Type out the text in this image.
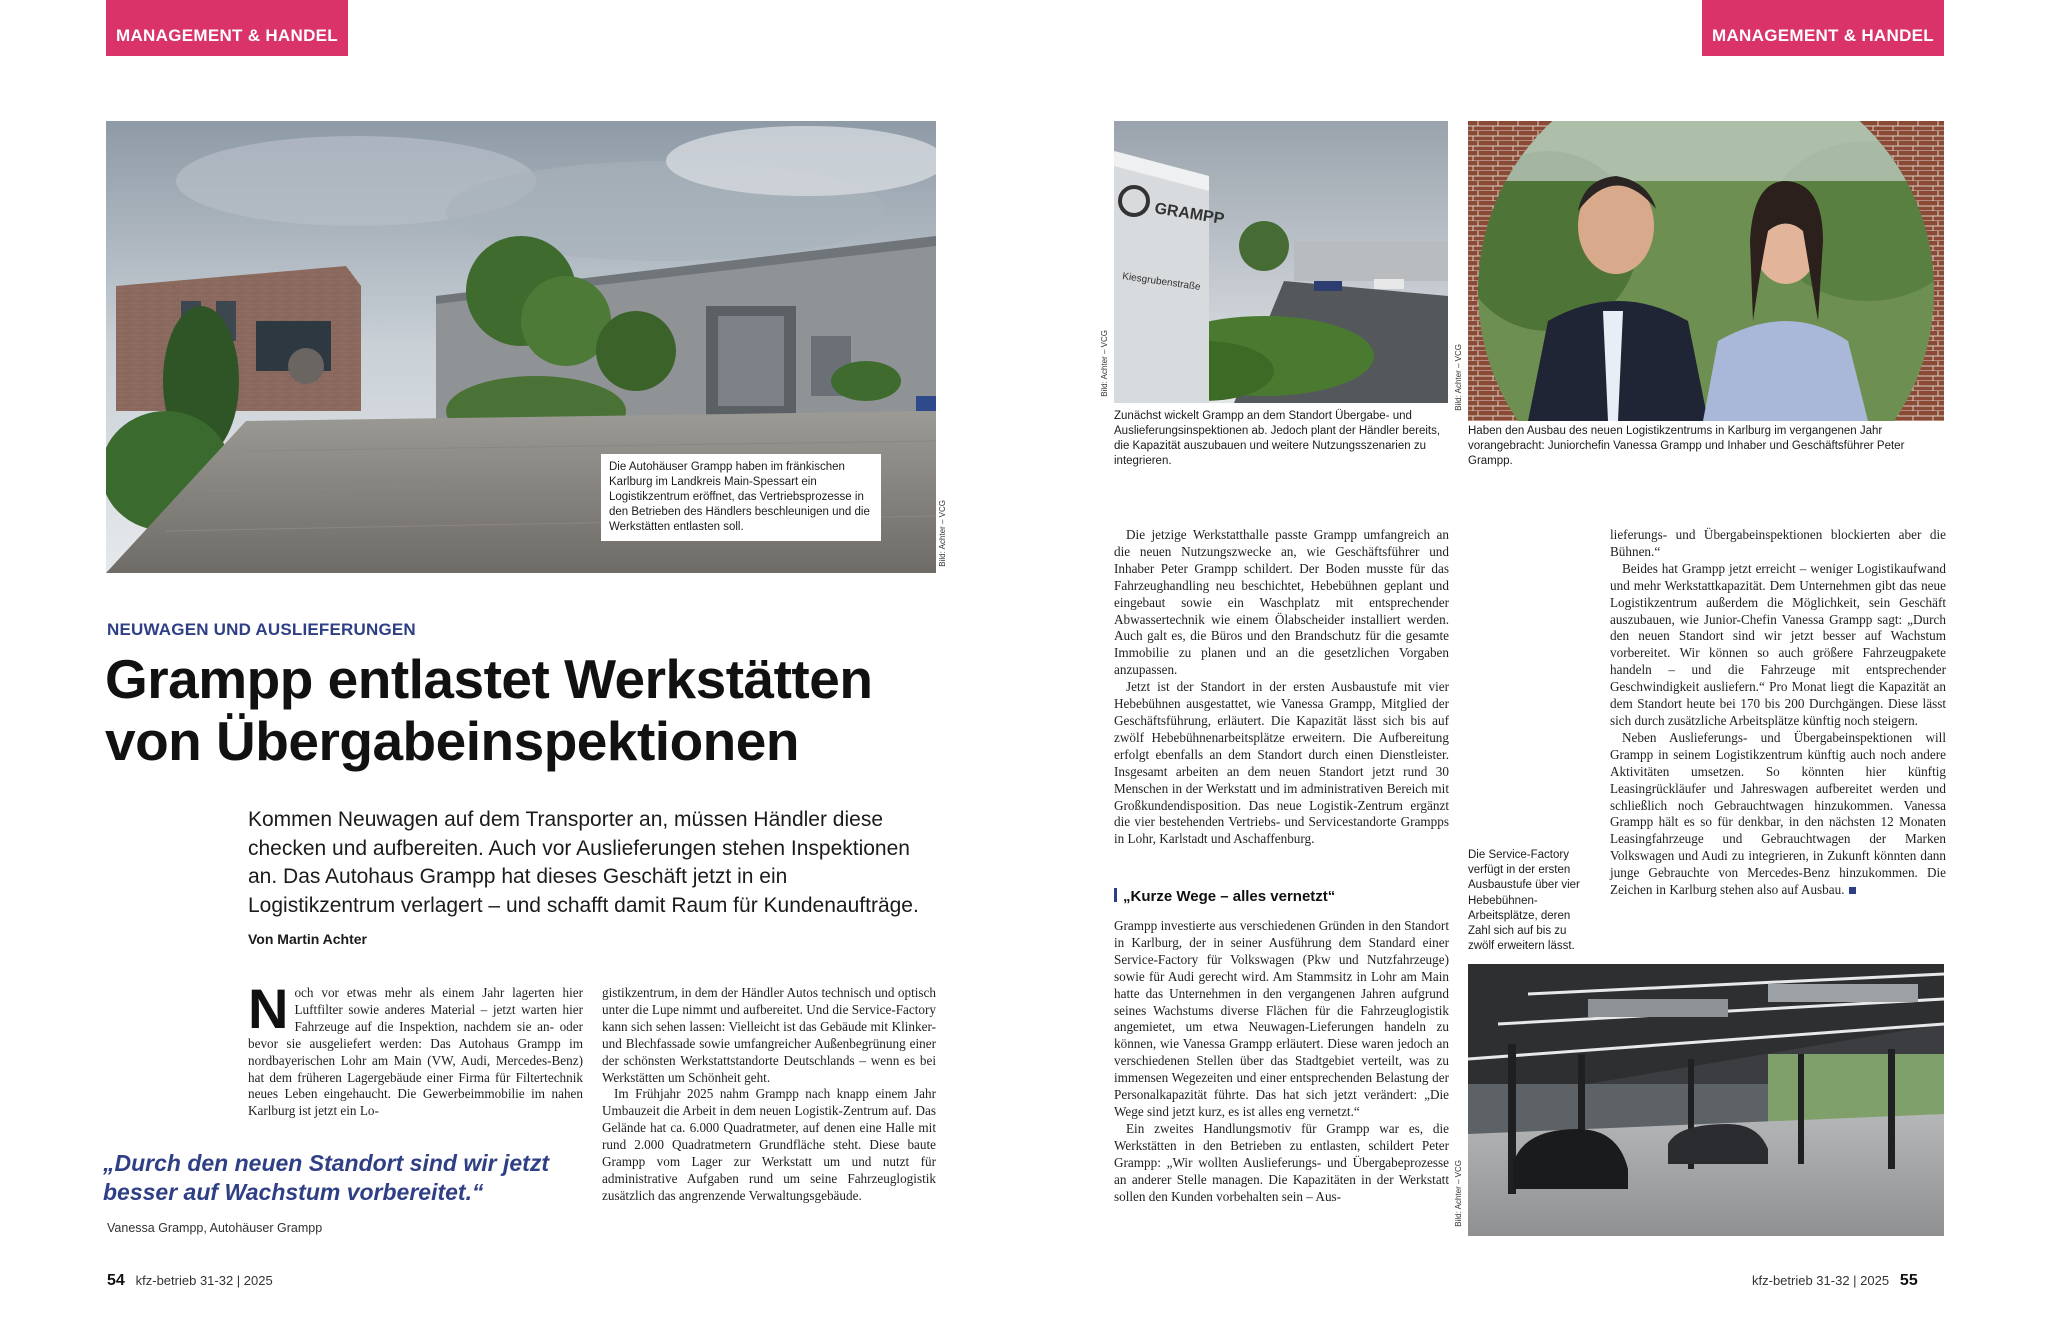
MANAGEMENT & HANDEL
Die Autohäuser Grampp haben im fränkischen Karlburg im Landkreis Main-Spessart ein Logistikzentrum eröffnet, das Vertriebsprozesse in den Betrieben des Händlers beschleunigen und die Werkstätten entlasten soll.	Bild: Achter – VCG
NEUWAGEN UND AUSLIEFERUNGEN
Grampp entlastet Werkstätten
von Übergabeinspektionen
Kommen Neuwagen auf dem Transporter an, müssen Händler diese checken und aufbereiten. Auch vor Auslieferungen stehen Inspektionen an. Das Autohaus Grampp hat dieses Geschäft jetzt in ein Logistikzentrum verlagert – und schafft damit Raum für Kundenaufträge.
Von Martin Achter

Noch vor etwas mehr als einem Jahr lagerten hier Luftfilter sowie anderes Material – jetzt warten hier Fahrzeuge auf die Inspektion, nachdem sie an- oder bevor sie ausgeliefert werden: Das Autohaus Grampp im nordbayerischen Lohr am Main (VW, Audi, Mercedes-Benz) hat dem früheren Lagergebäude einer Firma für Filtertechnik neues Leben eingehaucht. Die Gewerbeimmobilie im nahen Karlburg ist jetzt ein Lo-

gistikzentrum, in dem der Händler Autos technisch und optisch unter die Lupe nimmt und aufbereitet. Und die Service-Factory kann sich sehen lassen: Vielleicht ist das Gebäude mit Klinker- und Blechfassade sowie umfangreicher Außenbegrünung einer der schönsten Werkstattstandorte Deutschlands – wenn es bei Werkstätten um Schönheit geht.

Im Frühjahr 2025 nahm Grampp nach knapp einem Jahr Umbauzeit die Arbeit in dem neuen Logistik-Zentrum auf. Das Gelände hat ca. 6.000 Quadratmeter, auf denen eine Halle mit rund 2.000 Quadratmetern Grundfläche steht. Diese baute Grampp vom Lager zur Werkstatt um und nutzt für administrative Aufgaben rund um seine Fahrzeuglogistik zusätzlich das angrenzende Verwaltungsgebäude.

„Durch den neuen Standort sind wir jetzt besser auf Wachstum vorbereitet.“
Vanessa Grampp, Autohäuser Grampp
54 kfz-betrieb 31-32 | 2025
MANAGEMENT & HANDEL
GRAMPP
Kiesgrubenstraße
Bild: Achter – VCG
Zunächst wickelt Grampp an dem Standort Übergabe- und Auslieferungsinspektionen ab. Jedoch plant der Händler bereits, die Kapazität auszubauen und weitere Nutzungsszenarien zu integrieren.
Bild: Achter – VCG
Haben den Ausbau des neuen Logistikzentrums in Karlburg im vergangenen Jahr vorangebracht: Juniorchefin Vanessa Grampp und Inhaber und Geschäftsführer Peter Grampp.

Die jetzige Werkstatthalle passte Grampp umfangreich an die neuen Nutzungszwecke an, wie Geschäftsführer und Inhaber Peter Grampp schildert. Der Boden musste für das Fahrzeughandling neu beschichtet, Hebebühnen geplant und eingebaut sowie ein Waschplatz mit entsprechender Abwassertechnik wie einem Ölabscheider installiert werden. Auch galt es, die Büros und den Brandschutz für die gesamte Immobilie zu planen und an die gesetzlichen Vorgaben anzupassen.

Jetzt ist der Standort in der ersten Ausbaustufe mit vier Hebebühnen ausgestattet, wie Vanessa Grampp, Mitglied der Geschäftsführung, erläutert. Die Kapazität lässt sich bis auf zwölf Hebebühnenarbeitsplätze erweitern. Die Aufbereitung erfolgt ebenfalls an dem Standort durch einen Dienstleister. Insgesamt arbeiten an dem neuen Standort jetzt rund 30 Menschen in der Werkstatt und im administrativen Bereich mit Großkundendisposition. Das neue Logistik-Zentrum ergänzt die vier bestehenden Vertriebs- und Servicestandorte Grampps in Lohr, Karlstadt und Aschaffenburg.

„Kurze Wege – alles vernetzt“

Grampp investierte aus verschiedenen Gründen in den Standort in Karlburg, der in seiner Ausführung dem Standard einer Service-Factory für Volkswagen (Pkw und Nutzfahrzeuge) sowie für Audi gerecht wird. Am Stammsitz in Lohr am Main hatte das Unternehmen in den vergangenen Jahren aufgrund seines Wachstums diverse Flächen für die Fahrzeuglogistik angemietet, um etwa Neuwagen-Lieferungen handeln zu können, wie Vanessa Grampp erläutert. Diese waren jedoch an verschiedenen Stellen über das Stadtgebiet verteilt, was zu immensen Wegezeiten und einer entsprechenden Belastung der Personalkapazität führte. Das hat sich jetzt verändert: „Die Wege sind jetzt kurz, es ist alles eng vernetzt.“

Ein zweites Handlungsmotiv für Grampp war es, die Werkstätten in den Betrieben zu entlasten, schildert Peter Grampp: „Wir wollten Auslieferungs- und Übergabeprozesse an anderer Stelle managen. Die Kapazitäten in der Werkstatt sollen den Kunden vorbehalten sein – Aus-

lieferungs- und Übergabeinspektionen blockierten aber die Bühnen.“

Beides hat Grampp jetzt erreicht – weniger Logistikaufwand und mehr Werkstattkapazität. Dem Unternehmen gibt das neue Logistikzentrum außerdem die Möglichkeit, sein Geschäft auszubauen, wie Junior-Chefin Vanessa Grampp sagt: „Durch den neuen Standort sind wir jetzt besser auf Wachstum vorbereitet. Wir können so auch größere Fahrzeugpakete handeln – und die Fahrzeuge mit entsprechender Geschwindigkeit ausliefern.“ Pro Monat liegt die Kapazität an dem Standort heute bei 170 bis 200 Durchgängen. Diese lässt sich durch zusätzliche Arbeitsplätze künftig noch steigern.

Neben Auslieferungs- und Übergabeinspektionen will Grampp in seinem Logistikzentrum künftig auch noch andere Aktivitäten umsetzen. So könnten hier künftig Leasingrückläufer und Jahreswagen aufbereitet werden und schließlich noch Gebrauchtwagen hinzukommen. Vanessa Grampp hält es so für denkbar, in den nächsten 12 Monaten Leasingfahrzeuge und Gebrauchtwagen der Marken Volkswagen und Audi zu integrieren, in Zukunft könnten dann junge Gebrauchte von Mercedes-Benz hinzukommen. Die Zeichen in Karlburg stehen also auf Ausbau.

Die Service-Factory verfügt in der ersten Ausbaustufe über vier Hebebühnen-Arbeitsplätze, deren Zahl sich auf bis zu zwölf erweitern lässt.
Bild: Achter – VCG
kfz-betrieb 31-32 | 2025 55
